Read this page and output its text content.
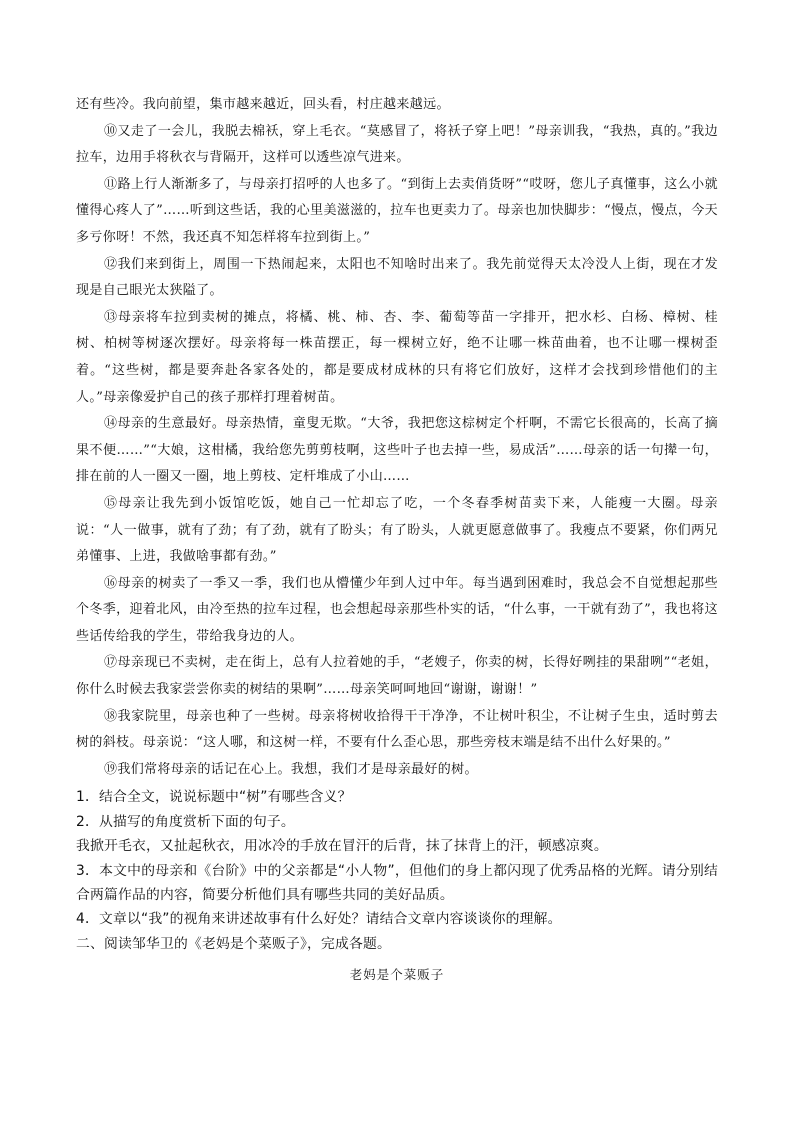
还有些冷。我向前望，集市越来越近，回头看，村庄越来越远。

⑩又走了一会儿，我脱去棉袄，穿上毛衣。“莫感冒了，将袄子穿上吧！”母亲训我，“我热，真的。”我边拉车，边用手将秋衣与背隔开，这样可以透些凉气进来。

⑪路上行人渐渐多了，与母亲打招呼的人也多了。“到街上去卖俏货呀”“哎呀，您儿子真懂事，这么小就懂得心疼人了”……听到这些话，我的心里美滋滋的，拉车也更卖力了。母亲也加快脚步：“慢点，慢点，今天多亏你呀！不然，我还真不知怎样将车拉到街上。”

⑫我们来到街上，周围一下热闹起来，太阳也不知啥时出来了。我先前觉得天太冷没人上街，现在才发现是自己眼光太狭隘了。

⑬母亲将车拉到卖树的摊点，将橘、桃、柿、杏、李、葡萄等苗一字排开，把水杉、白杨、樟树、桂树、柏树等树逐次摆好。母亲将每一株苗摆正，每一棵树立好，绝不让哪一株苗曲着，也不让哪一棵树歪着。“这些树，都是要奔赴各家各处的，都是要成材成林的只有将它们放好，这样才会找到珍惜他们的主人。”母亲像爱护自己的孩子那样打理着树苗。

⑭母亲的生意最好。母亲热情，童叟无欺。“大爷，我把您这棕树定个杆啊，不需它长很高的，长高了摘果不便……”“大娘，这柑橘，我给您先剪剪枝啊，这些叶子也去掉一些，易成活”……母亲的话一句撵一句，排在前的人一圈又一圈，地上剪枝、定杆堆成了小山……

⑮母亲让我先到小饭馆吃饭，她自己一忙却忘了吃，一个冬春季树苗卖下来，人能瘦一大圈。母亲说：“人一做事，就有了劲；有了劲，就有了盼头；有了盼头，人就更愿意做事了。我瘦点不要紧，你们两兄弟懂事、上进，我做啥事都有劲。”

⑯母亲的树卖了一季又一季，我们也从懵懂少年到人过中年。每当遇到困难时，我总会不自觉想起那些个冬季，迎着北风，由冷至热的拉车过程，也会想起母亲那些朴实的话，“什么事，一干就有劲了”，我也将这些话传给我的学生，带给我身边的人。

⑰母亲现已不卖树，走在街上，总有人拉着她的手，“老嫂子，你卖的树，长得好咧挂的果甜咧”“老姐，你什么时候去我家尝尝你卖的树结的果啊”……母亲笑呵呵地回“谢谢，谢谢！”

⑱我家院里，母亲也种了一些树。母亲将树收拾得干干净净，不让树叶积尘，不让树子生虫，适时剪去树的斜枝。母亲说：“这人哪，和这树一样，不要有什么歪心思，那些旁枝末端是结不出什么好果的。”

⑲我们常将母亲的话记在心上。我想，我们才是母亲最好的树。

1．结合全文，说说标题中“树”有哪些含义？

2．从描写的角度赏析下面的句子。

我掀开毛衣，又扯起秋衣，用冰冷的手放在冒汗的后背，抹了抹背上的汗，顿感凉爽。

3．本文中的母亲和《台阶》中的父亲都是“小人物”，但他们的身上都闪现了优秀品格的光辉。请分别结合两篇作品的内容，简要分析他们具有哪些共同的美好品质。

4．文章以“我”的视角来讲述故事有什么好处？请结合文章内容谈谈你的理解。

二、阅读邹华卫的《老妈是个菜贩子》，完成各题。

老妈是个菜贩子
